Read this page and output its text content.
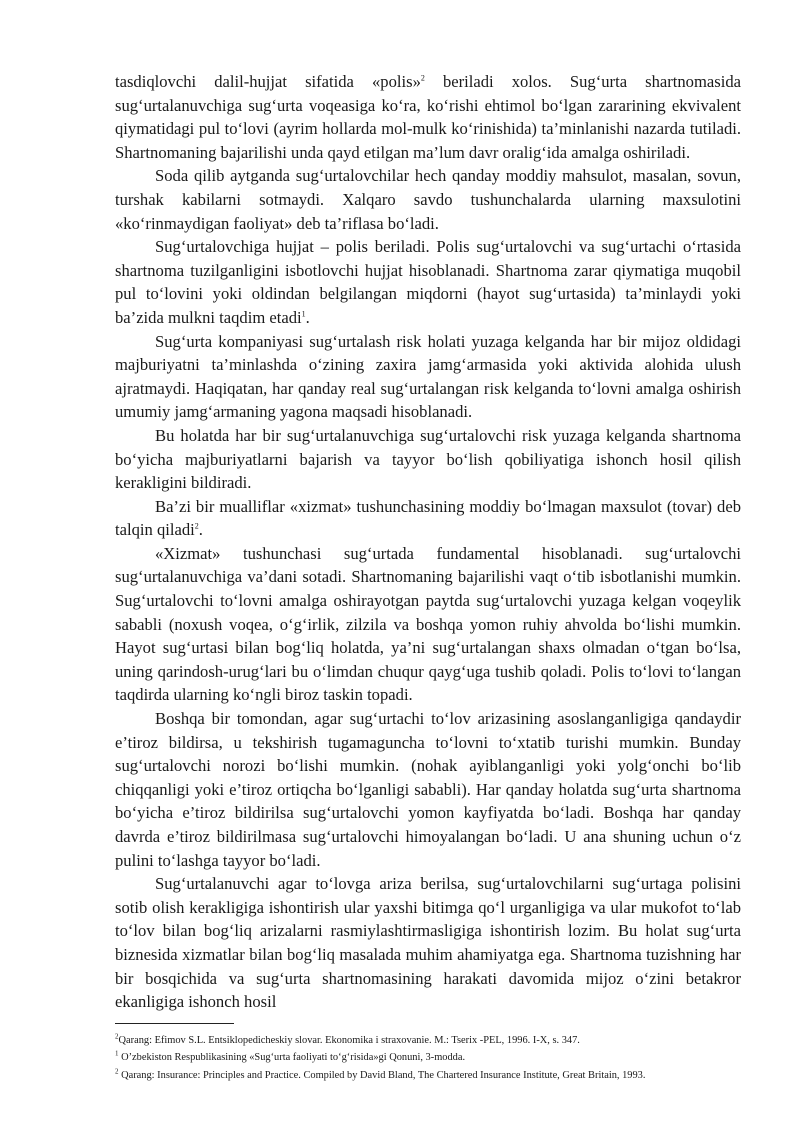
tasdiqlovchi dalil-hujjat sifatida «polis»$^2$ beriladi xolos. Sug‘urta shartnomasida sug‘urtalanuvchiga sug‘urta voqeasiga ko‘ra, ko‘rishi ehtimol bo‘lgan zararining ekvivalent qiymatidagi pul to‘lovi (ayrim hollarda mol-mulk ko‘rinishida) ta’minlanishi nazarda tutiladi. Shartnomaning bajarilishi unda qayd etilgan ma’lum davr oralig‘ida amalga oshiriladi.

Soda qilib aytganda sug‘urtalovchilar hech qanday moddiy mahsulot, masalan, sovun, turshak kabilarni sotmaydi. Xalqaro savdo tushunchalarda ularning maxsulotini «ko‘rinmaydigan faoliyat» deb ta’riflasa bo‘ladi.

Sug‘urtalovchiga hujjat – polis beriladi. Polis sug‘urtalovchi va sug‘urtachi o‘rtasida shartnoma tuzilganligini isbotlovchi hujjat hisoblanadi. Shartnoma zarar qiymatiga muqobil pul to‘lovini yoki oldindan belgilangan miqdorni (hayot sug‘urtasida) ta’minlaydi yoki ba’zida mulkni taqdim etadi$^1$.

Sug‘urta kompaniyasi sug‘urtalash risk holati yuzaga kelganda har bir mijoz oldidagi majburiyatni ta’minlashda o‘zining zaxira jamg‘armasida yoki aktivida alohida ulush ajratmaydi. Haqiqatan, har qanday real sug‘urtalangan risk kelganda to‘lovni amalga oshirish umumiy jamg‘armaning yagona maqsadi hisoblanadi.

Bu holatda har bir sug‘urtalanuvchiga sug‘urtalovchi risk yuzaga kelganda shartnoma bo‘yicha majburiyatlarni bajarish va tayyor bo‘lish qobiliyatiga ishonch hosil qilish kerakligini bildiradi.

Ba’zi bir mualliflar «xizmat» tushunchasining moddiy bo‘lmagan maxsulot (tovar) deb talqin qiladi$^2$.

«Xizmat» tushunchasi sug‘urtada fundamental hisoblanadi. sug‘urtalovchi sug‘urtalanuvchiga va’dani sotadi. Shartnomaning bajarilishi vaqt o‘tib isbotlanishi mumkin. Sug‘urtalovchi to‘lovni amalga oshirayotgan paytda sug‘urtalovchi yuzaga kelgan voqeylik sababli (noxush voqea, o‘g‘irlik, zilzila va boshqa yomon ruhiy ahvolda bo‘lishi mumkin. Hayot sug‘urtasi bilan bog‘liq holatda, ya’ni sug‘urtalangan shaxs olmadan o‘tgan bo‘lsa, uning qarindosh-urug‘lari bu o‘limdan chuqur qayg‘uga tushib qoladi. Polis to‘lovi to‘langan taqdirda ularning ko‘ngli biroz taskin topadi.

Boshqa bir tomondan, agar sug‘urtachi to‘lov arizasining asoslanganligiga qandaydir e’tiroz bildirsa, u tekshirish tugamaguncha to‘lovni to‘xtatib turishi mumkin. Bunday sug‘urtalovchi norozi bo‘lishi mumkin. (nohak ayiblanganligi yoki yolg‘onchi bo‘lib chiqqanligi yoki e’tiroz ortiqcha bo‘lganligi sababli). Har qanday holatda sug‘urta shartnoma bo‘yicha e’tiroz bildirilsa sug‘urtalovchi yomon kayfiyatda bo‘ladi. Boshqa har qanday davrda e’tiroz bildirilmasa sug‘urtalovchi himoyalangan bo‘ladi. U ana shuning uchun o‘z pulini to‘lashga tayyor bo‘ladi.

Sug‘urtalanuvchi agar to‘lovga ariza berilsa, sug‘urtalovchilarni sug‘urtaga polisini sotib olish kerakligiga ishontirish ular yaxshi bitimga qo‘l urganligiga va ular mukofot to‘lab to‘lov bilan bog‘liq arizalarni rasmiylashtirmasligiga ishontirish lozim. Bu holat sug‘urta biznesida xizmatlar bilan bog‘liq masalada muhim ahamiyatga ega. Shartnoma tuzishning har bir bosqichida va sug‘urta shartnomasining harakati davomida mijoz o‘zini betakror ekanligiga ishonch hosil

$^2$Qarang: Efimov S.L. Entsiklopedicheskiy slovar. Ekonomika i straxovanie. M.: Tserix -PEL, 1996. I-X, s. 347.

$^1$ O’zbekiston Respublikasining «Sug‘urta faoliyati to‘g‘risida»gi Qonuni, 3-modda.

$^2$ Qarang: Insurance: Principles and Practice. Compiled by David Bland, The Chartered Insurance Institute, Great Britain, 1993.
